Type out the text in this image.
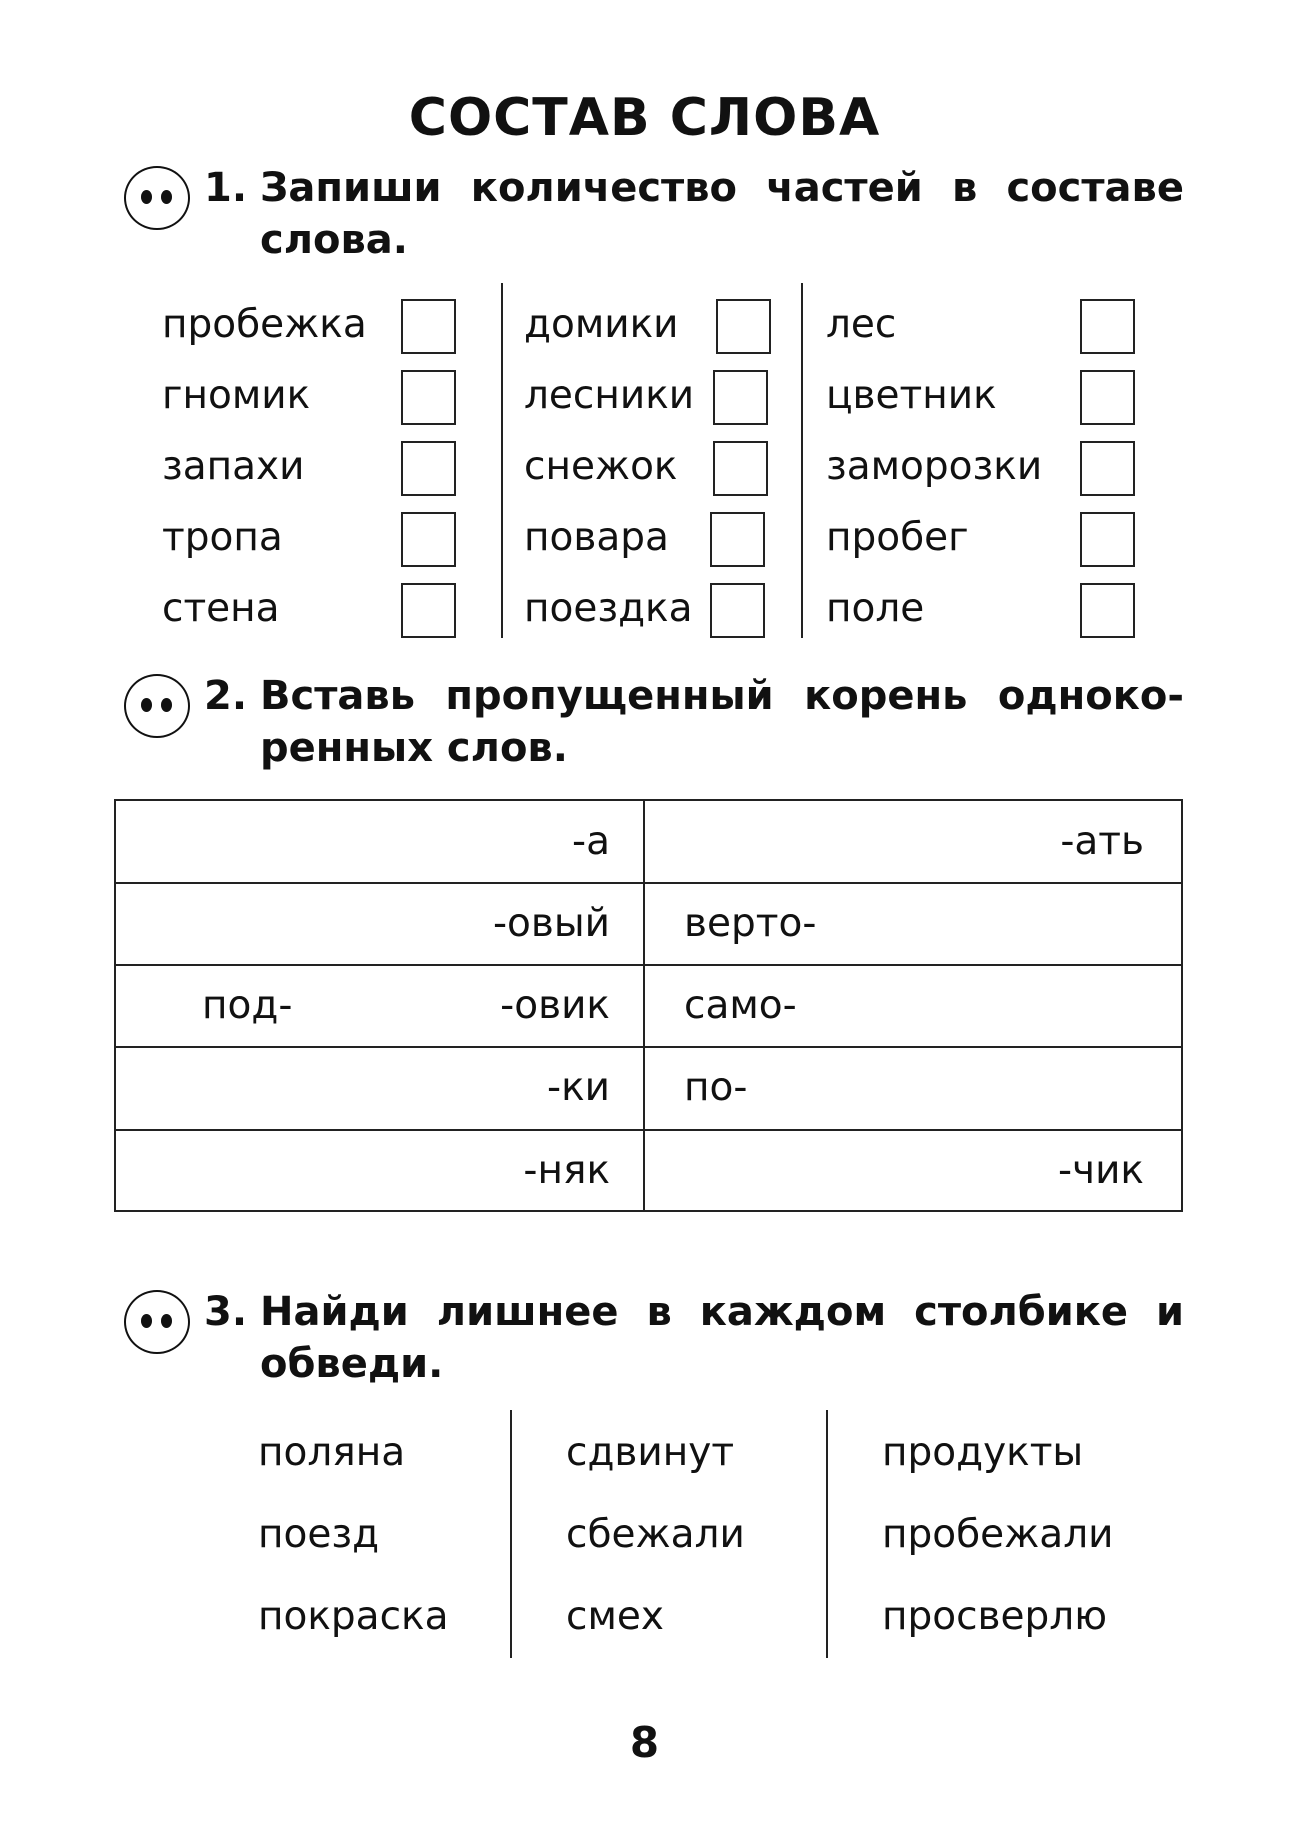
СОСТАВ СЛОВА
1. Запиши количество частей в составе
слова.
пробежка
гномик
запахи
тропа
стена
домики
лесники
снежок
повара
поездка
лес
цветник
заморозки
пробег
поле
2. Вставь пропущенный корень одноко-
ренных слов.
-а	-ать
-овый верто-
под-	-овик само-
-ки по-
-няк	-чик
3. Найди лишнее в каждом столбике и
обведи.
поляна
поезд
покраска
сдвинут
сбежали
смех
продукты
пробежали
просверлю
8
